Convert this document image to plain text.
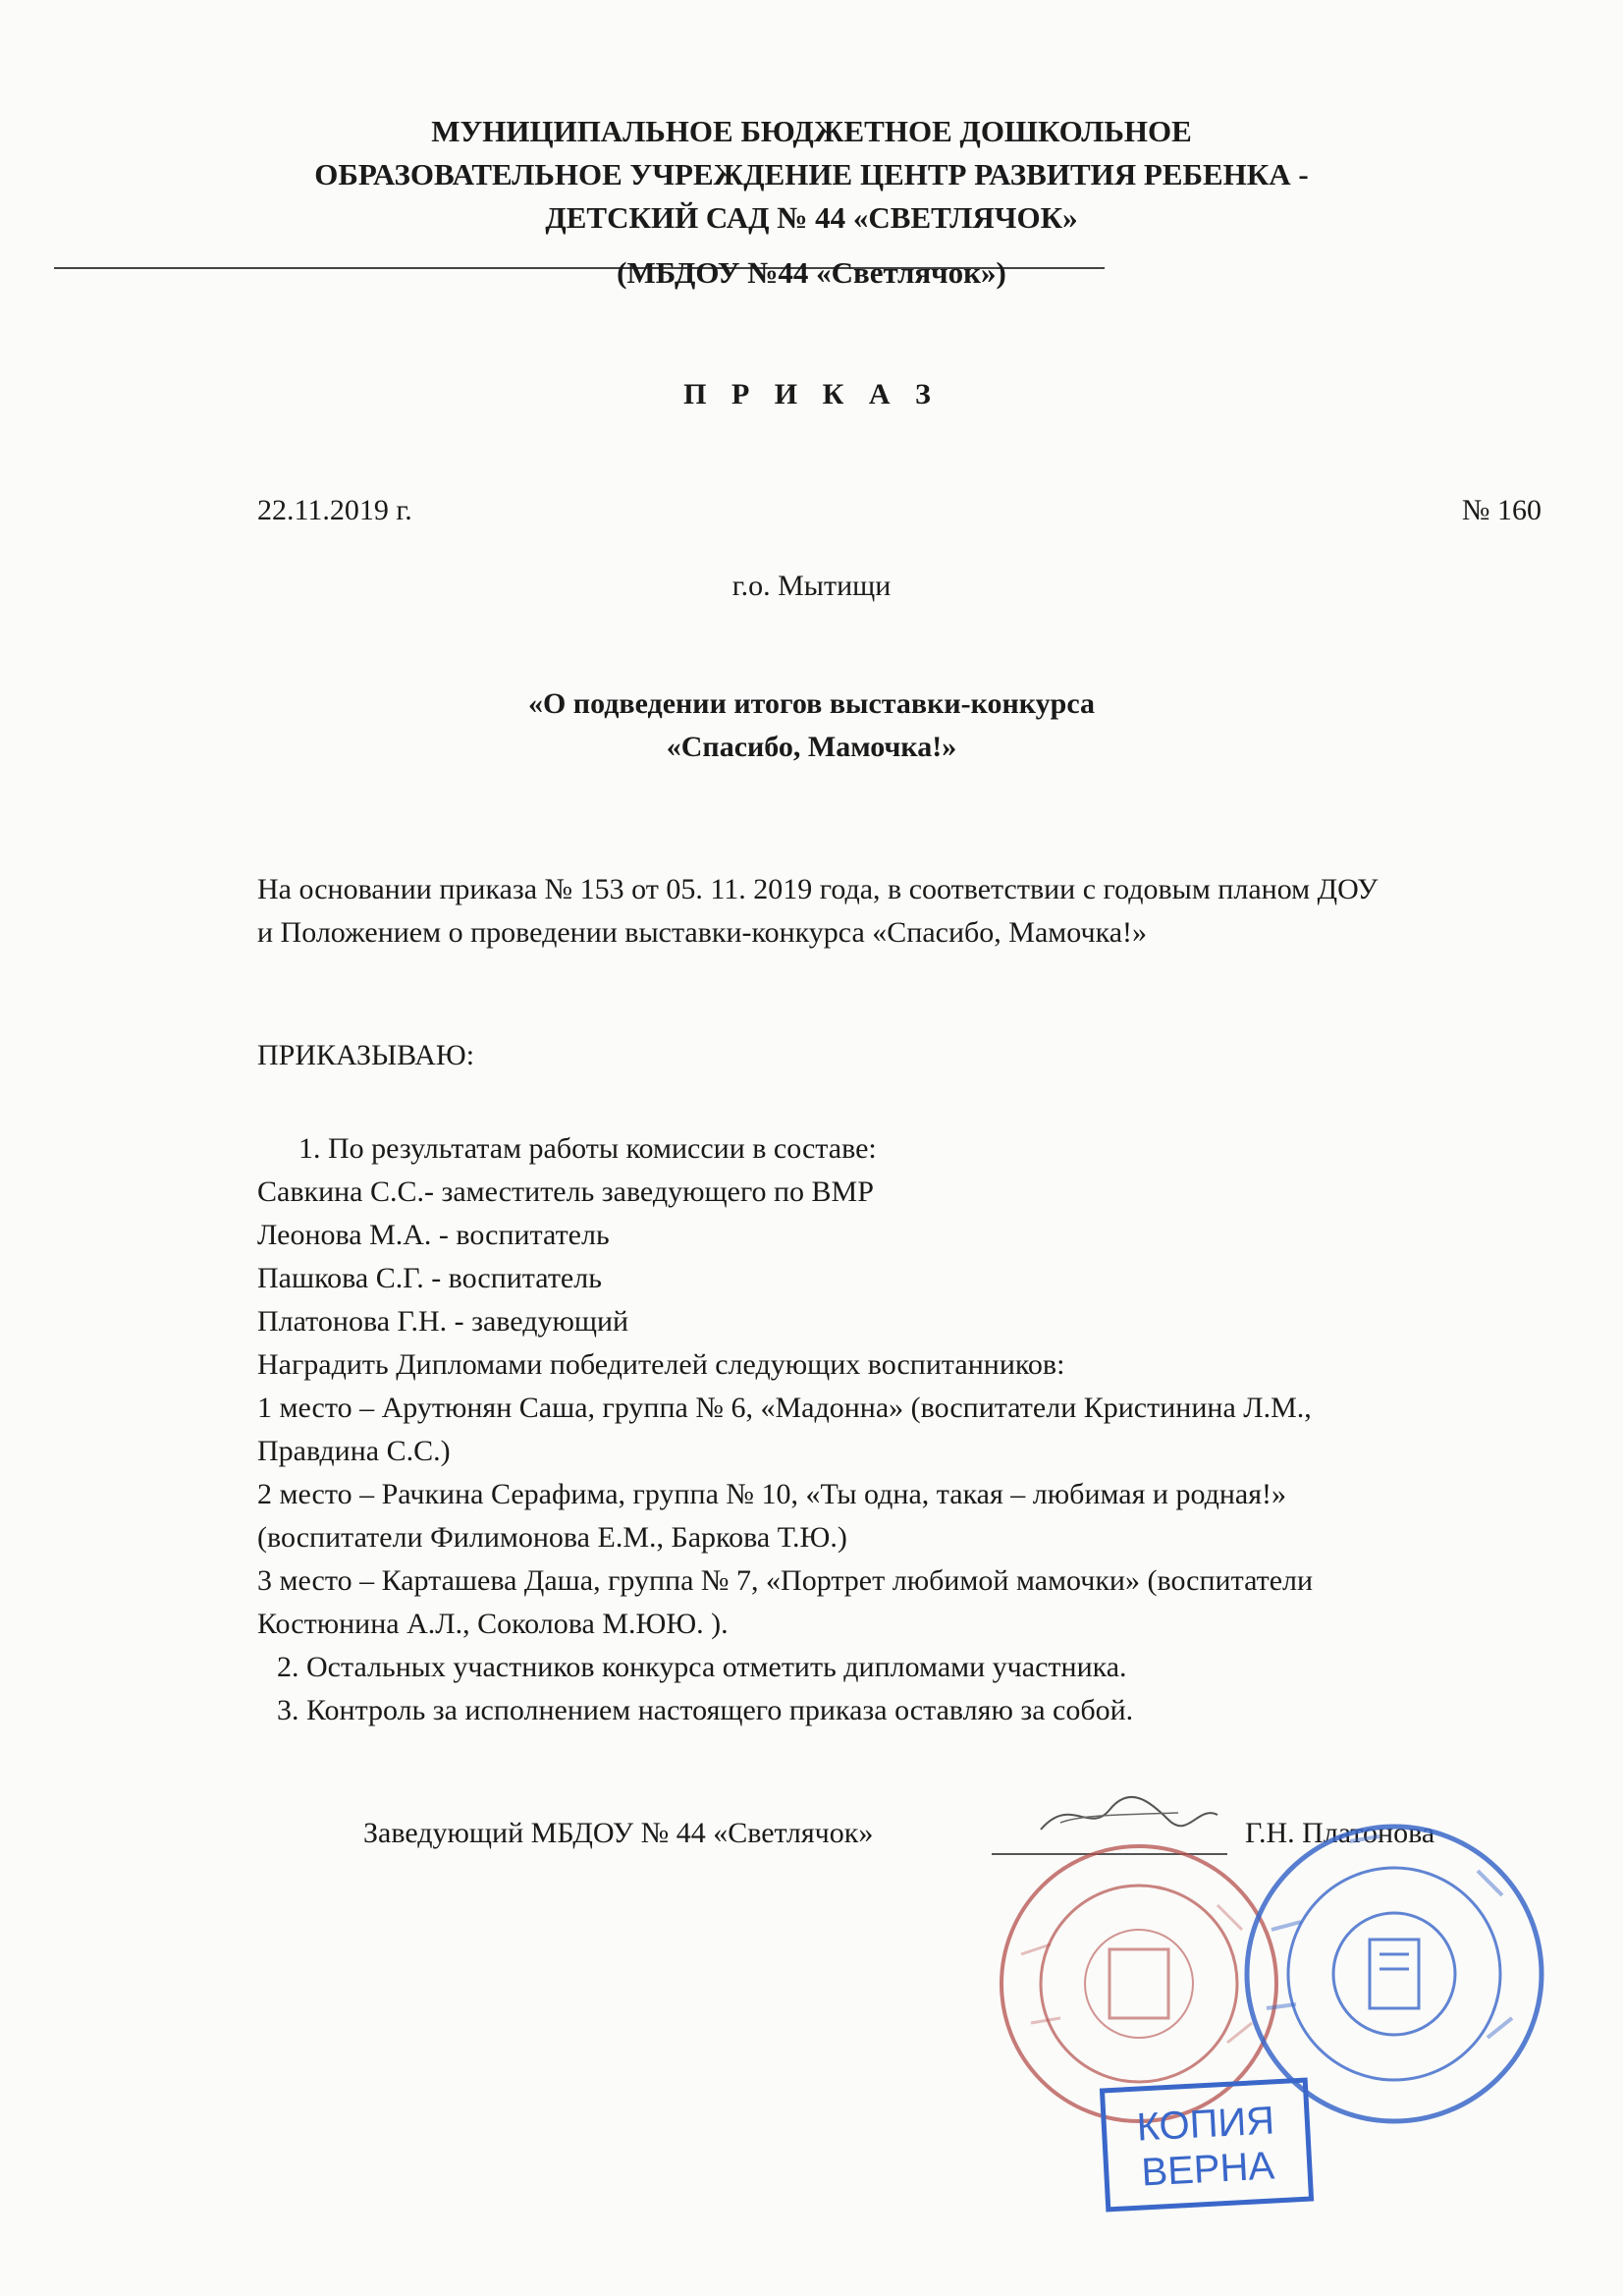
МУНИЦИПАЛЬНОЕ БЮДЖЕТНОЕ ДОШКОЛЬНОЕ
ОБРАЗОВАТЕЛЬНОЕ УЧРЕЖДЕНИЕ ЦЕНТР РАЗВИТИЯ РЕБЕНКА -
ДЕТСКИЙ САД № 44 «СВЕТЛЯЧОК»
(МБДОУ №44 «Светлячок»)
П Р И К А З
22.11.2019 г.	№ 160
г.о. Мытищи
«О подведении итогов выставки-конкурса
«Спасибо, Мамочка!»
На основании приказа № 153 от 05. 11. 2019 года, в соответствии с годовым планом ДОУ
и Положением о проведении выставки-конкурса «Спасибо, Мамочка!»
ПРИКАЗЫВАЮ:
1. По результатам работы комиссии в составе:
Савкина С.С.- заместитель заведующего по ВМР
Леонова М.А. - воспитатель
Пашкова С.Г. - воспитатель
Платонова Г.Н. - заведующий
Наградить Дипломами победителей следующих воспитанников:
1 место – Арутюнян Саша, группа № 6, «Мадонна» (воспитатели Кристинина Л.М.,
Правдина С.С.)
2 место – Рачкина Серафима, группа № 10, «Ты одна, такая – любимая и родная!»
(воспитатели Филимонова Е.М., Баркова Т.Ю.)
3 место – Карташева Даша, группа № 7, «Портрет любимой мамочки» (воспитатели
Костюнина А.Л., Соколова М.ЮЮ. ).
2. Остальных участников конкурса отметить дипломами участника.
3. Контроль за исполнением настоящего приказа оставляю за собой.
Заведующий МБДОУ № 44 «Светлячок»	Г.Н. Платонова
КОПИЯ
ВЕРНА
